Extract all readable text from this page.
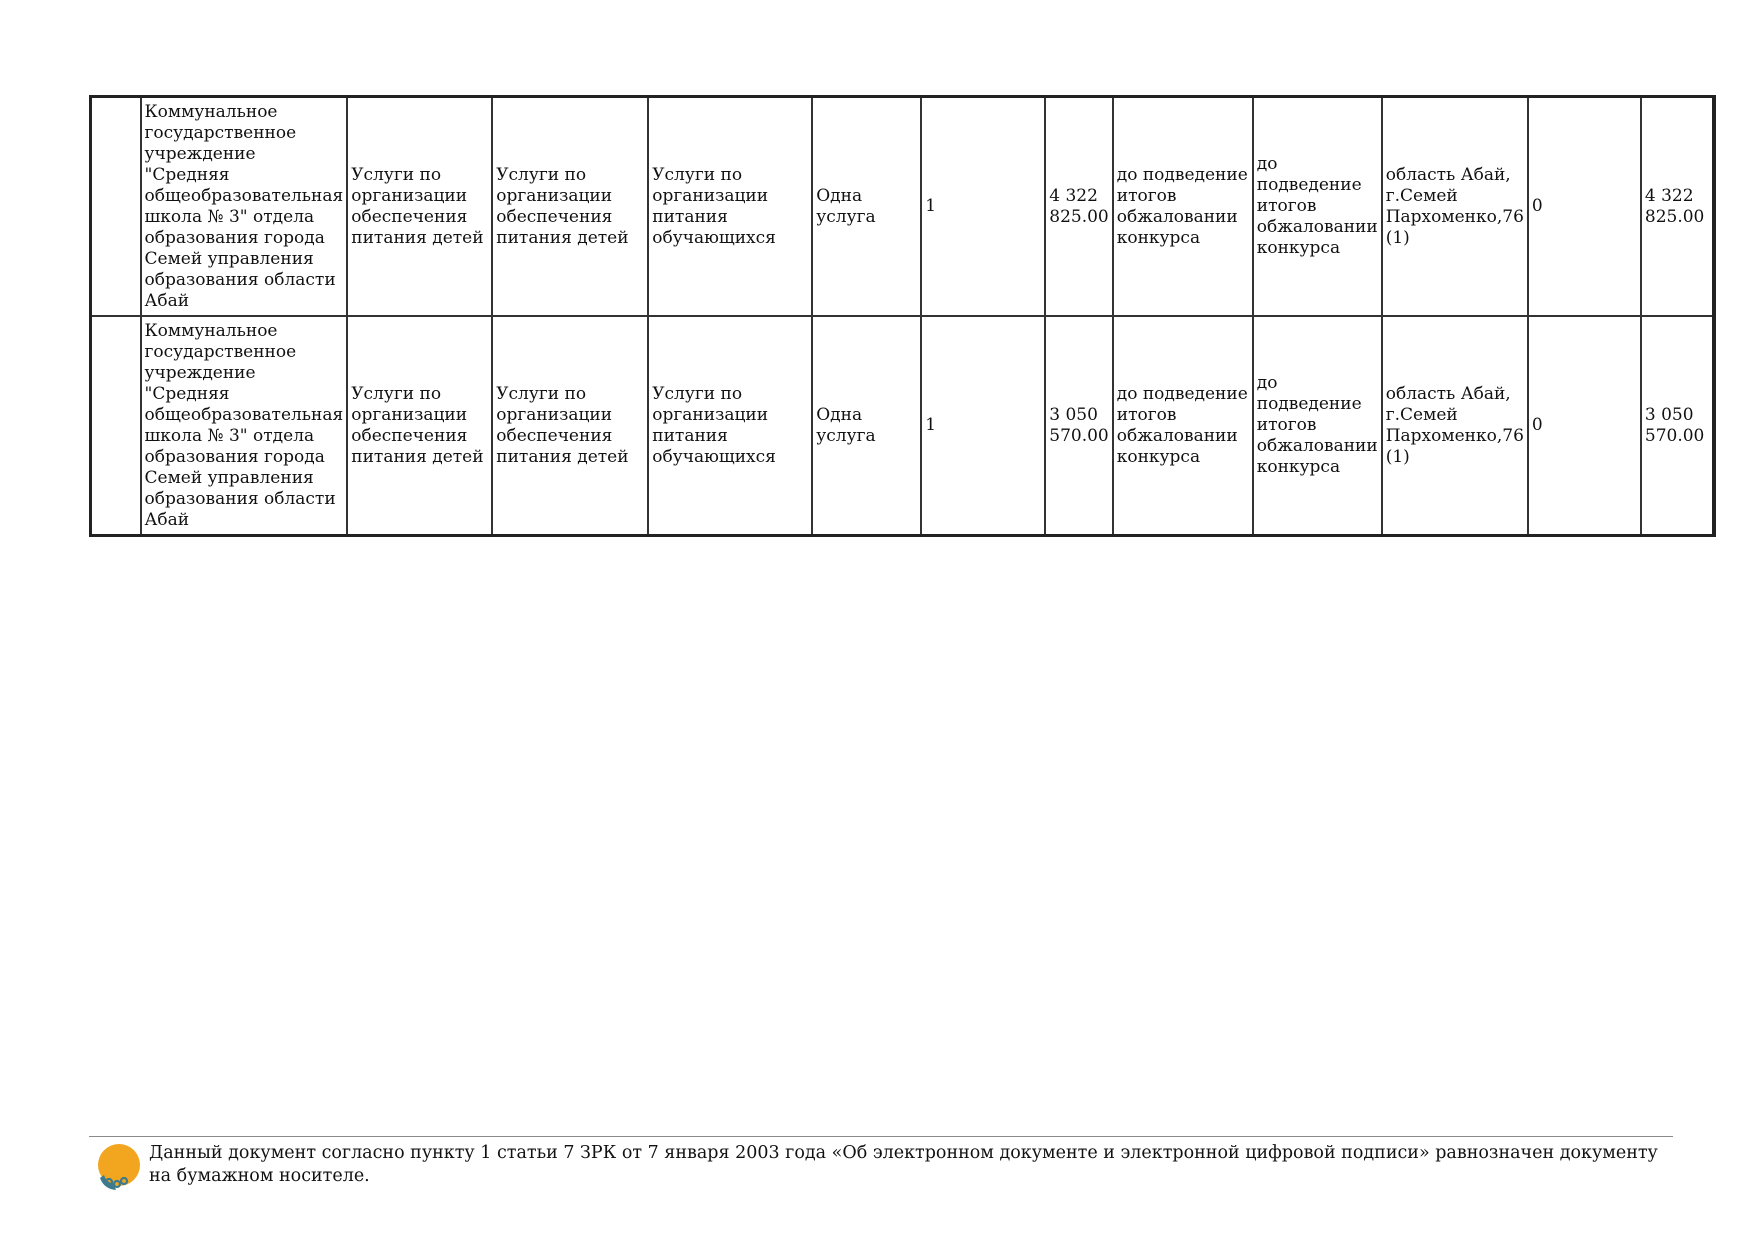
	Коммунальное государственное учреждение "Средняя общеобразовательная школа № 3" отдела образования города Семей управления образования области Абай	Услуги по организации обеспечения питания детей	Услуги по организации обеспечения питания детей	Услуги по организации питания обучающихся	Одна услуга	1	4 322 825.00	до подведение итогов обжаловании конкурса	до подведение итогов обжаловании конкурса	область Абай, г.Семей Пархоменко,76 (1)	0	4 322 825.00
	Коммунальное государственное учреждение "Средняя общеобразовательная школа № 3" отдела образования города Семей управления образования области Абай	Услуги по организации обеспечения питания детей	Услуги по организации обеспечения питания детей	Услуги по организации питания обучающихся	Одна услуга	1	3 050 570.00	до подведение итогов обжаловании конкурса	до подведение итогов обжаловании конкурса	область Абай, г.Семей Пархоменко,76 (1)	0	3 050 570.00
Данный документ согласно пункту 1 статьи 7 ЗРК от 7 января 2003 года «Об электронном документе и электронной цифровой подписи» равнозначен документу на бумажном носителе.
